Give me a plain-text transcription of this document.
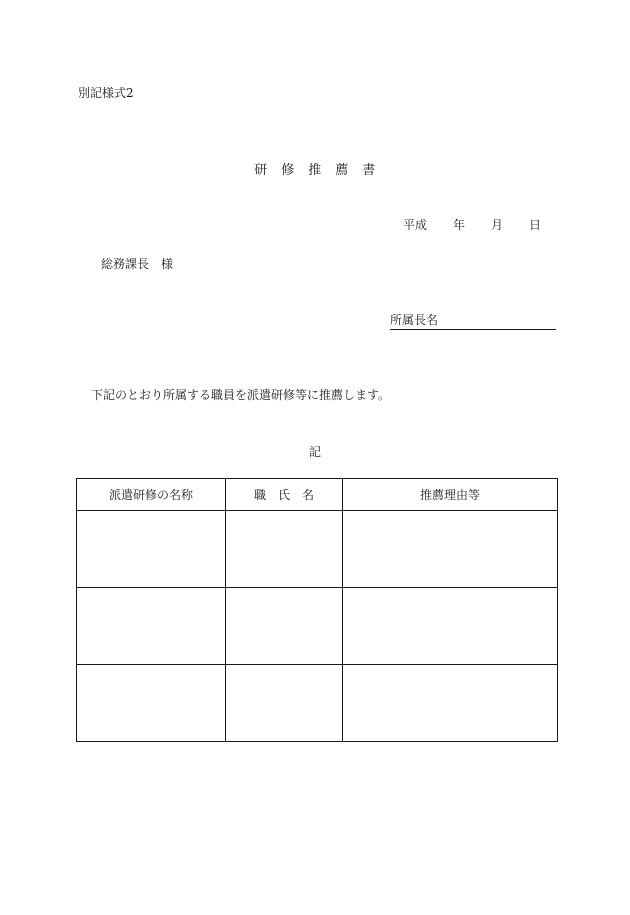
別記様式2
研　修　推　薦　書
平成 年 月 日
総務課長　様
所属長名
下記のとおり所属する職員を派遣研修等に推薦します。
記
派遣研修の名称	職　氏　名	推薦理由等
